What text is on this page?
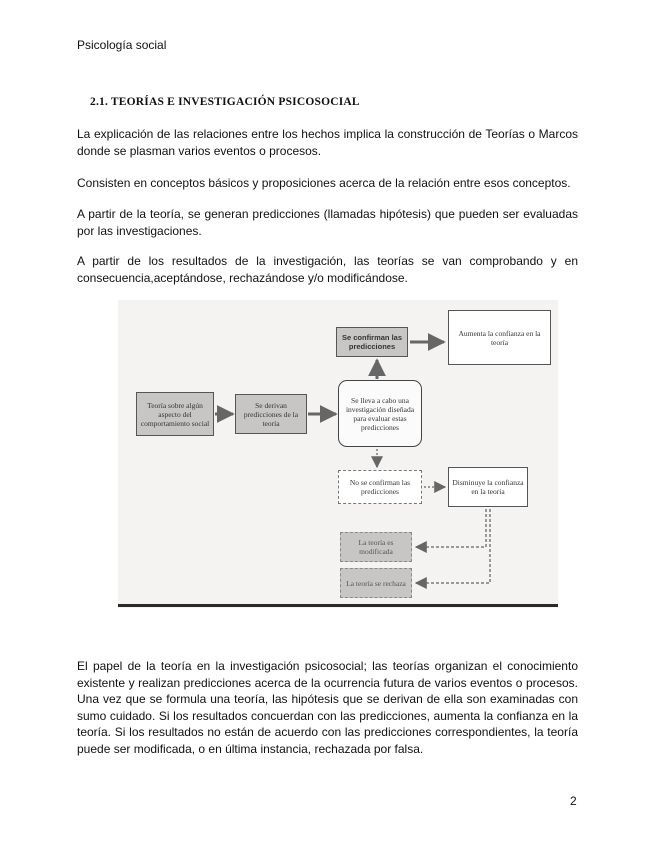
Psicología social
2.1. TEORÍAS E INVESTIGACIÓN PSICOSOCIAL

La explicación de las relaciones entre los hechos implica la construcción de Teorías o Marcos donde se plasman varios eventos o procesos.

Consisten en conceptos básicos y proposiciones acerca de la relación entre esos conceptos.

A partir de la teoría, se generan predicciones (llamadas hipótesis) que pueden ser evaluadas por las investigaciones.

A partir de los resultados de la investigación, las teorías se van comprobando y en consecuencia,aceptándose, rechazándose y/o modificándose.

Teoría sobre algún aspecto del comportamiento social
Se derivan predicciones de la teoría
Se lleva a cabo una investigación diseñada para evaluar estas predicciones
Se confirman las predicciones
Aumenta la confianza en la teoría
No se confirman las predicciones
Disminuye la confianza en la teoría
La teoría es modificada
La teoría se rechaza

El papel de la teoría en la investigación psicosocial; las teorías organizan el conocimiento existente y realizan predicciones acerca de la ocurrencia futura de varios eventos o procesos. Una vez que se formula una teoría, las hipótesis que se derivan de ella son examinadas con sumo cuidado. Si los resultados concuerdan con las predicciones, aumenta la confianza en la teoría. Si los resultados no están de acuerdo con las predicciones correspondientes, la teoría puede ser modificada, o en última instancia, rechazada por falsa.

2
